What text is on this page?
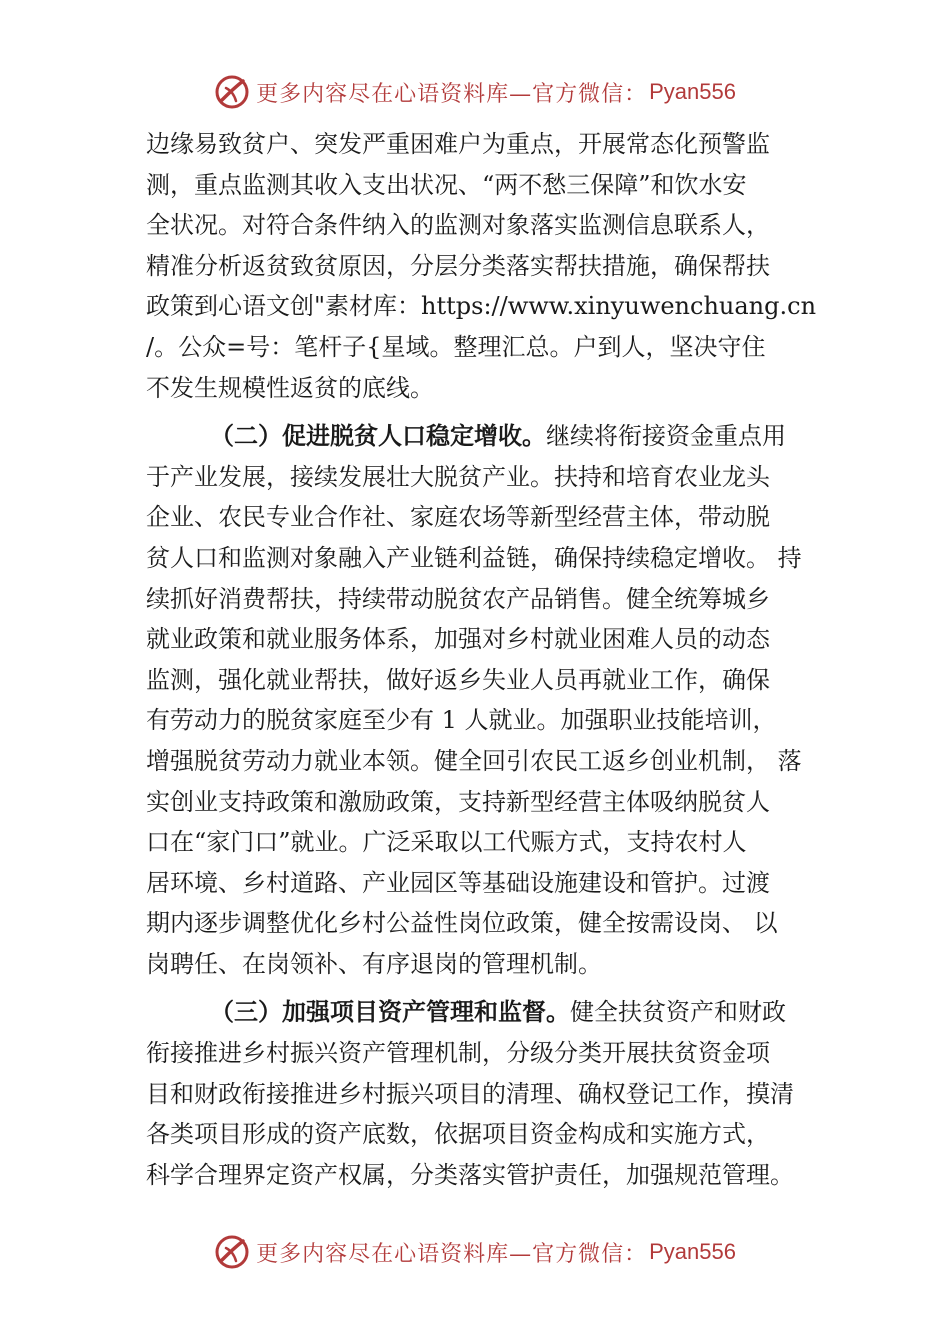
更多内容尽在心语资料库—官方微信： Pyan556
边缘易致贫户、突发严重困难户为重点，开展常态化预警监
测，重点监测其收入支出状况、“两不愁三保障”和饮水安
全状况。对符合条件纳入的监测对象落实监测信息联系人，
精准分析返贫致贫原因，分层分类落实帮扶措施，确保帮扶
政策到心语文创"素材库：https://www.xinyuwenchuang.cn
/。公众=号：笔杆子{星域。整理汇总。户到人，坚决守住
不发生规模性返贫的底线。
（二）促进脱贫人口稳定增收。继续将衔接资金重点用
于产业发展，接续发展壮大脱贫产业。扶持和培育农业龙头
企业、农民专业合作社、家庭农场等新型经营主体，带动脱
贫人口和监测对象融入产业链利益链，确保持续稳定增收。 持
续抓好消费帮扶，持续带动脱贫农产品销售。健全统筹城乡
就业政策和就业服务体系，加强对乡村就业困难人员的动态
监测，强化就业帮扶，做好返乡失业人员再就业工作，确保
有劳动力的脱贫家庭至少有 1 人就业。加强职业技能培训，
增强脱贫劳动力就业本领。健全回引农民工返乡创业机制， 落
实创业支持政策和激励政策，支持新型经营主体吸纳脱贫人
口在“家门口”就业。广泛采取以工代赈方式，支持农村人
居环境、乡村道路、产业园区等基础设施建设和管护。过渡
期内逐步调整优化乡村公益性岗位政策，健全按需设岗、 以
岗聘任、在岗领补、有序退岗的管理机制。
（三）加强项目资产管理和监督。健全扶贫资产和财政
衔接推进乡村振兴资产管理机制，分级分类开展扶贫资金项
目和财政衔接推进乡村振兴项目的清理、确权登记工作，摸清
各类项目形成的资产底数，依据项目资金构成和实施方式，
科学合理界定资产权属，分类落实管护责任，加强规范管理。
更多内容尽在心语资料库—官方微信： Pyan556
